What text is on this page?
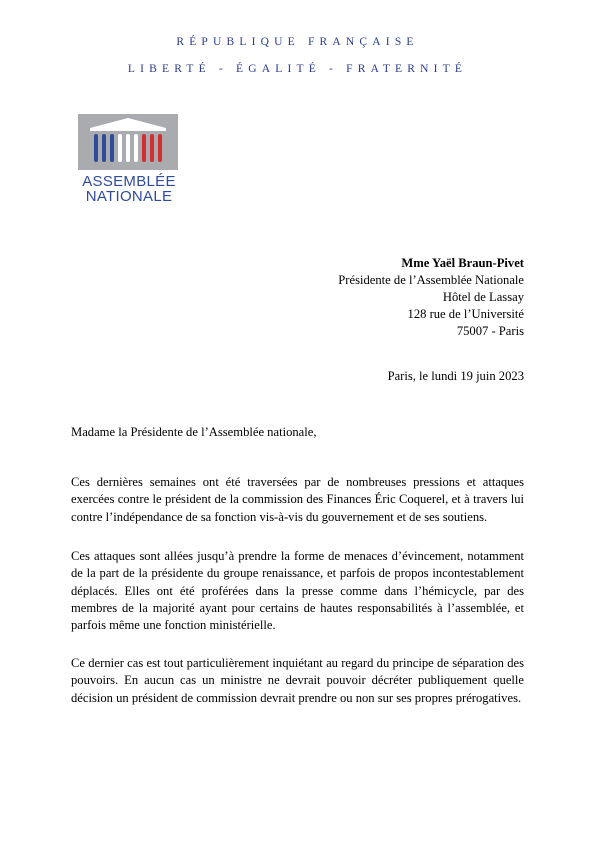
RÉPUBLIQUE FRANÇAISE
LIBERTÉ - ÉGALITÉ - FRATERNITÉ
ASSEMBLÉE
NATIONALE
Mme Yaël Braun-Pivet
Présidente de l’Assemblée Nationale
Hôtel de Lassay
128 rue de l’Université
75007 - Paris
Paris, le lundi 19 juin 2023
Madame la Présidente de l’Assemblée nationale,

Ces dernières semaines ont été traversées par de nombreuses pressions et attaques exercées contre le président de la commission des Finances Éric Coquerel, et à travers lui contre l’indépendance de sa fonction vis-à-vis du gouvernement et de ses soutiens.

Ces attaques sont allées jusqu’à prendre la forme de menaces d’évincement, notamment de la part de la présidente du groupe renaissance, et parfois de propos incontestablement déplacés. Elles ont été proférées dans la presse comme dans l’hémicycle, par des membres de la majorité ayant pour certains de hautes responsabilités à l’assemblée, et parfois même une fonction ministérielle.

Ce dernier cas est tout particulièrement inquiétant au regard du principe de séparation des pouvoirs. En aucun cas un ministre ne devrait pouvoir décréter publiquement quelle décision un président de commission devrait prendre ou non sur ses propres prérogatives.
